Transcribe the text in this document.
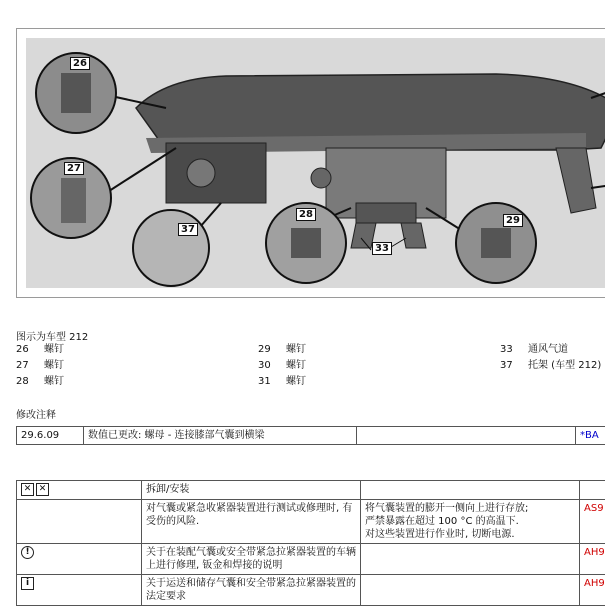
26
27
37
28
29
33
图示为车型 212
26 螺钉
27 螺钉
28 螺钉
29 螺钉
30 螺钉
31 螺钉
33 通风气道
37 托架 (车型 212)
修改注释
29.6.09	数值已更改: 螺母 - 连接膝部气囊到横梁		*BA
✕ ✕	拆卸/安装		
	对气囊或紧急收紧器装置进行测试或修理时, 有受伤的风险.	将气囊装置的膨开一侧向上进行存放;
严禁暴露在超过 100 °C 的高温下.
对这些装置进行作业时, 切断电源.	AS9
!	关于在装配气囊或安全带紧急拉紧器装置的车辆上进行修理, 钣金和焊接的说明		AH9
i	关于运送和储存气囊和安全带紧急拉紧器装置的法定要求		AH9
